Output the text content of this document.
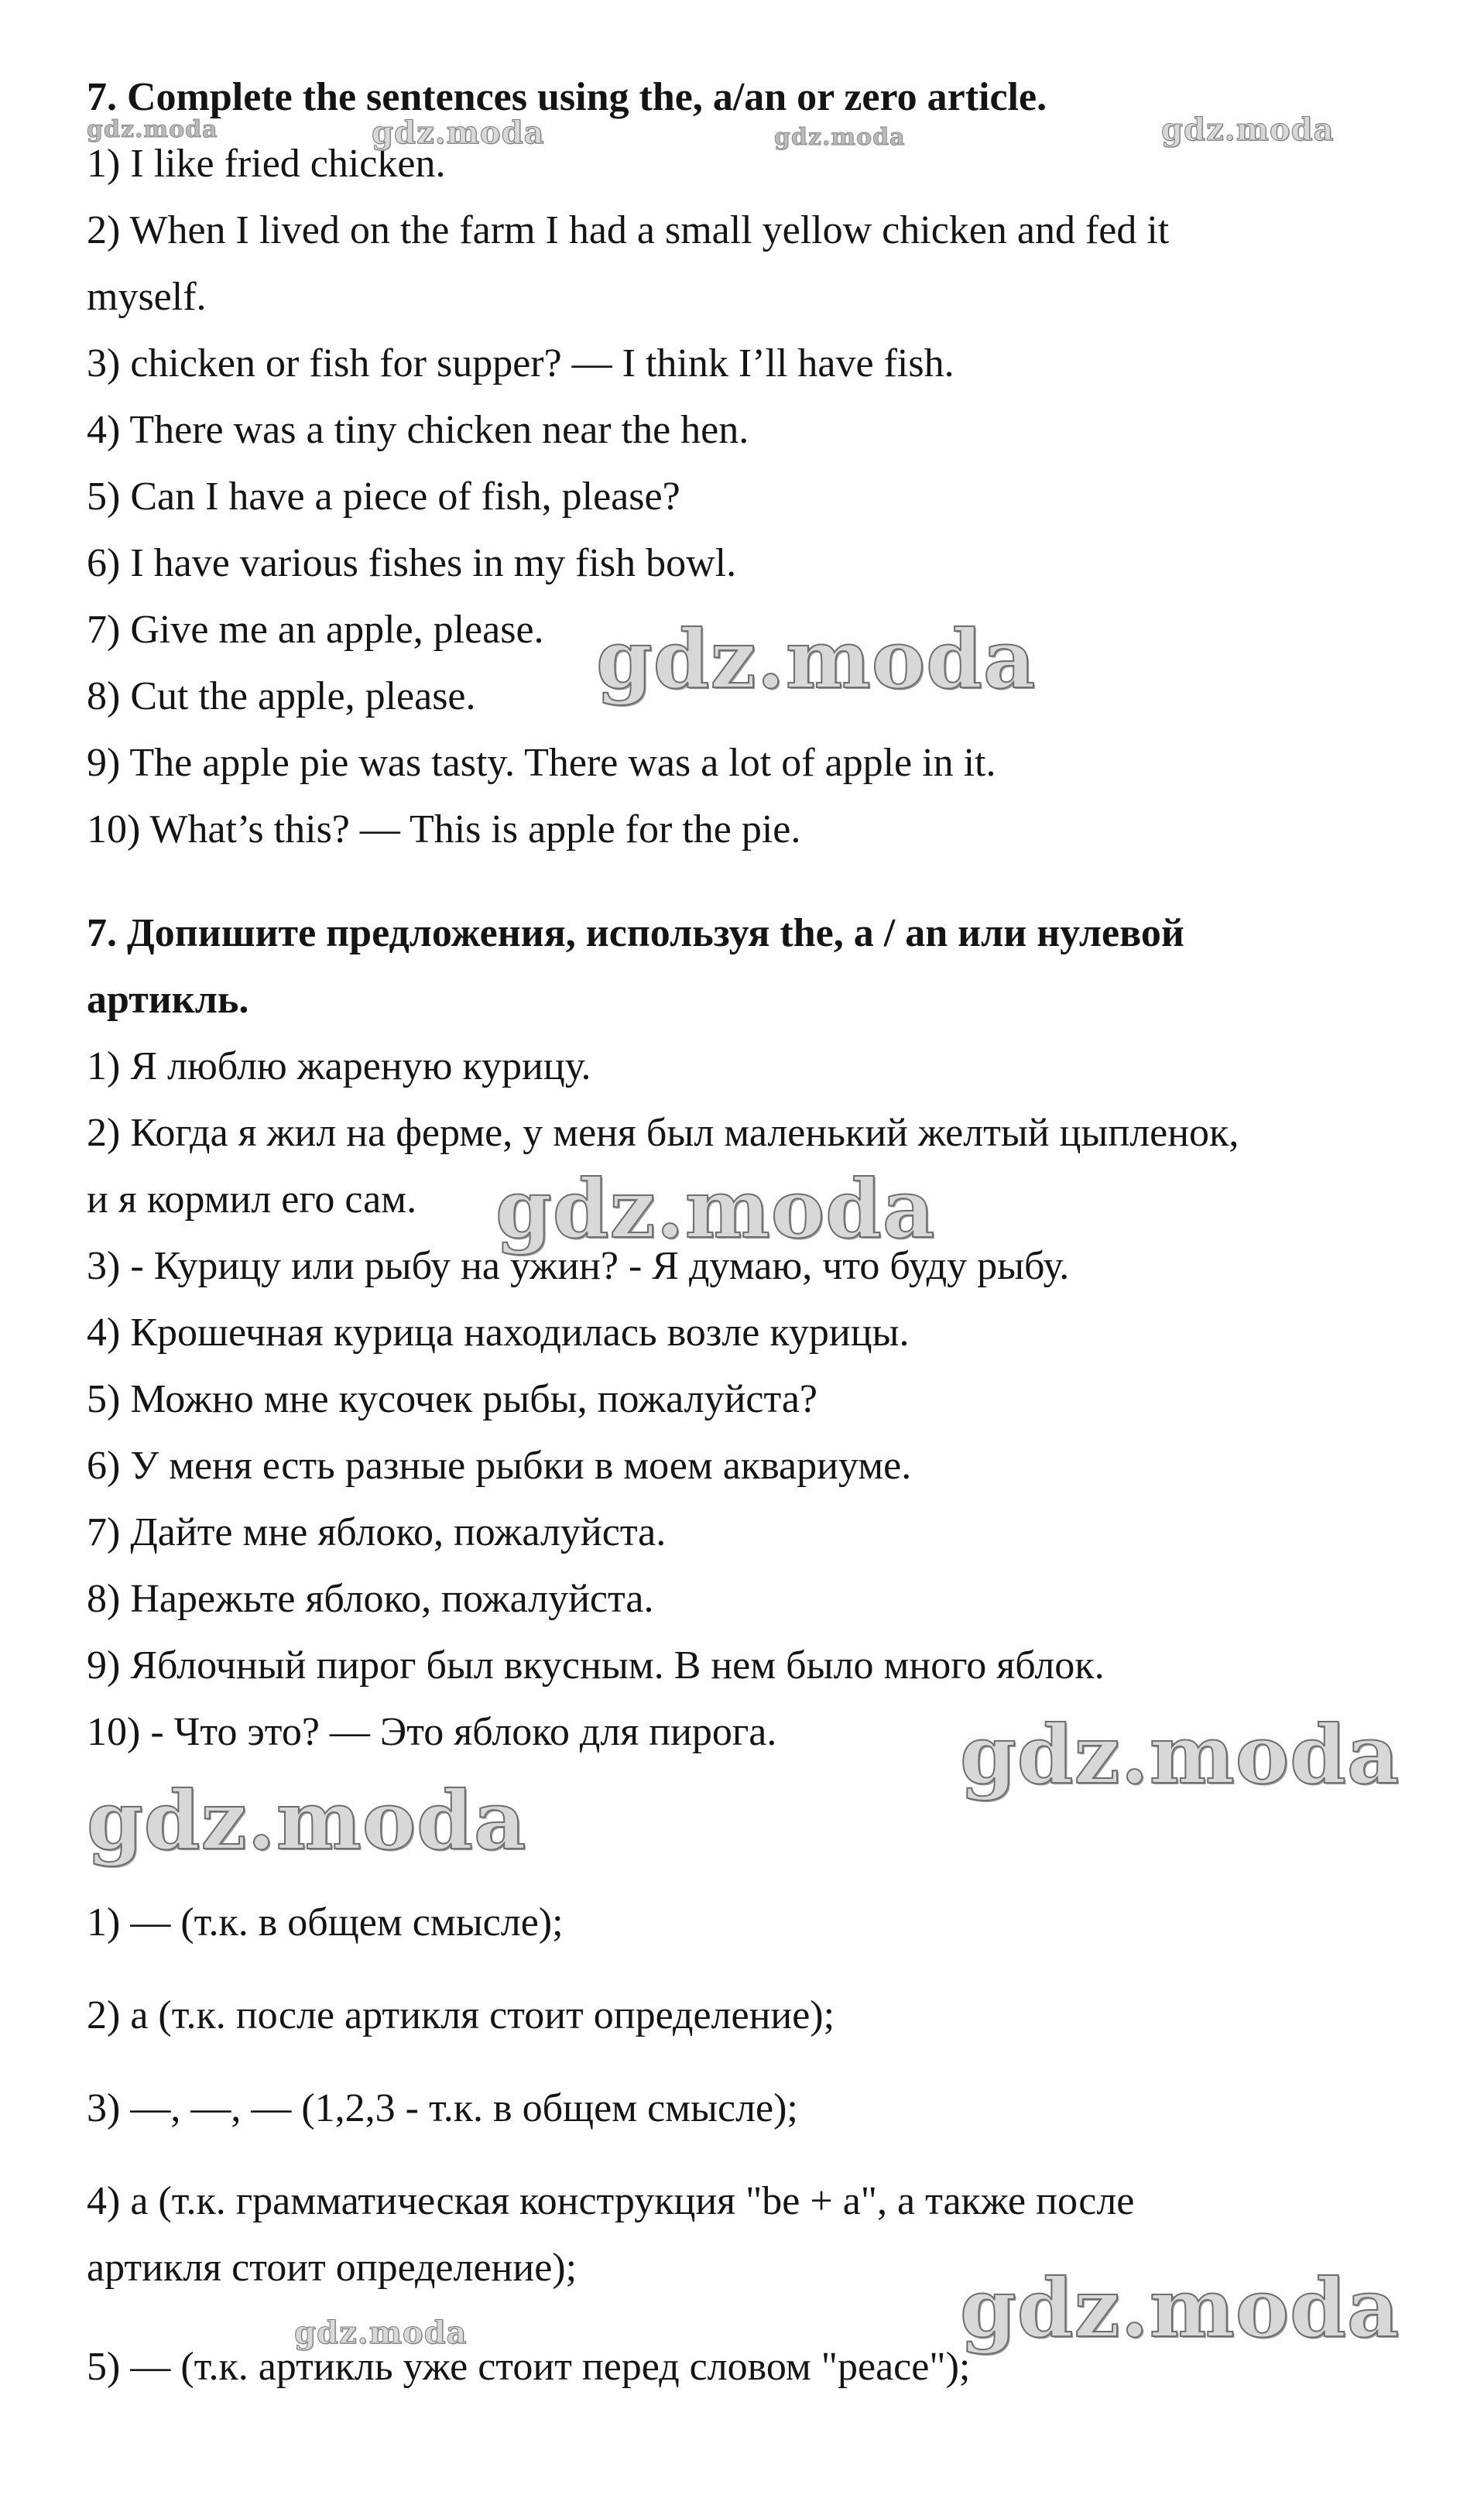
7. Complete the sentences using the, a/an or zero article.
1) I like fried chicken.
2) When I lived on the farm I had a small yellow chicken and fed it
myself.
3) chicken or fish for supper? — I think I’ll have fish.
4) There was a tiny chicken near the hen.
5) Can I have a piece of fish, please?
6) I have various fishes in my fish bowl.
7) Give me an apple, please.
8) Cut the apple, please.
9) The apple pie was tasty. There was a lot of apple in it.
10) What’s this? — This is apple for the pie.
7. Допишите предложения, используя the, a / an или нулевой
артикль.
1) Я люблю жареную курицу.
2) Когда я жил на ферме, у меня был маленький желтый цыпленок,
и я кормил его сам.
3) - Курицу или рыбу на ужин? - Я думаю, что буду рыбу.
4) Крошечная курица находилась возле курицы.
5) Можно мне кусочек рыбы, пожалуйста?
6) У меня есть разные рыбки в моем аквариуме.
7) Дайте мне яблоко, пожалуйста.
8) Нарежьте яблоко, пожалуйста.
9) Яблочный пирог был вкусным. В нем было много яблок.
10) - Что это? — Это яблоко для пирога.
1) — (т.к. в общем смысле);
2) a (т.к. после артикля стоит определение);
3) —, —, — (1,2,3 - т.к. в общем смысле);
4) a (т.к. грамматическая конструкция "be + a", а также после
артикля стоит определение);
5) — (т.к. артикль уже стоит перед словом "peace");
gdz.moda	gdz.moda	gdz.moda	gdz.moda
gdz.moda
gdz.moda
gdz.moda
gdz.moda
gdz.moda
gdz.moda
